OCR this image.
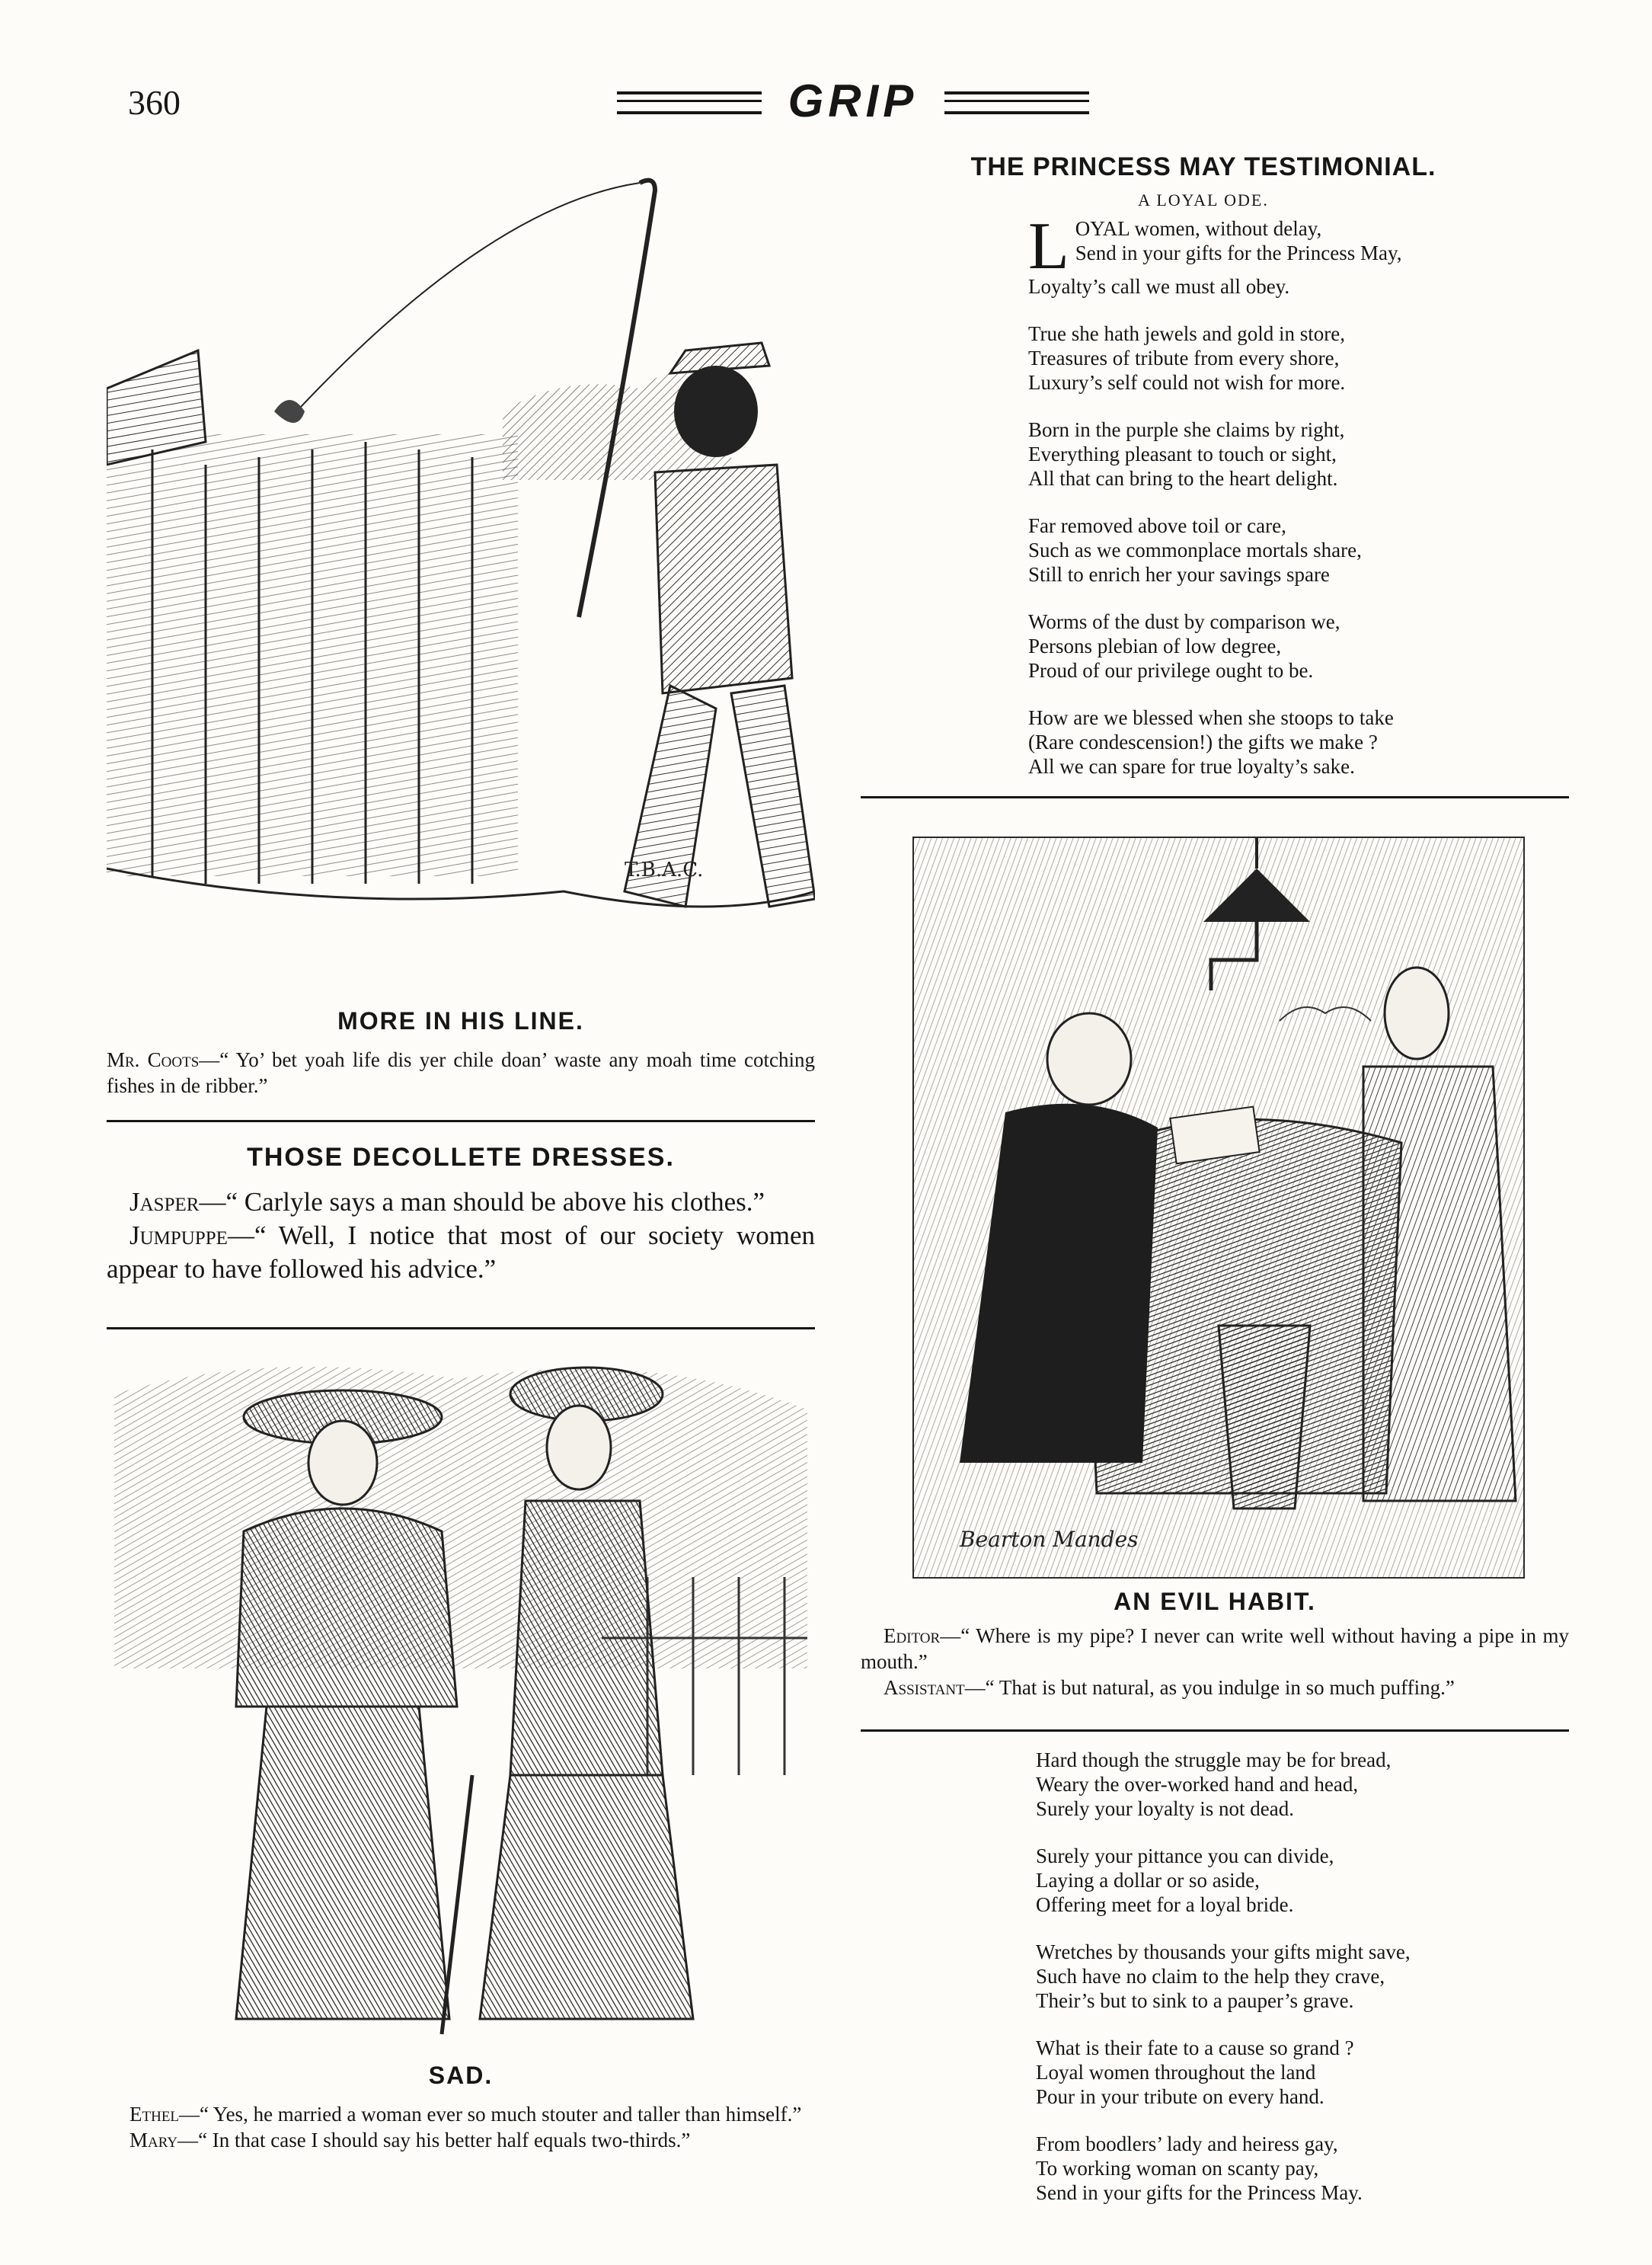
360	GRIP
T.B.A.C.
MORE IN HIS LINE.
Mr. Coots—“ Yo’ bet yoah life dis yer chile doan’ waste any moah time cotching fishes in de ribber.”
THOSE DECOLLETE DRESSES.
Jasper—“ Carlyle says a man should be above his clothes.”
Jumpuppe—“ Well, I notice that most of our society women appear to have followed his advice.”
SAD.
Ethel—“ Yes, he married a woman ever so much stouter and taller than himself.”
Mary—“ In that case I should say his better half equals two-thirds.”
THE PRINCESS MAY TESTIMONIAL.
A LOYAL ODE.
L OYAL women, without delay,
Send in your gifts for the Princess May,
Loyalty’s call we must all obey.
True she hath jewels and gold in store,
Treasures of tribute from every shore,
Luxury’s self could not wish for more.
Born in the purple she claims by right,
Everything pleasant to touch or sight,
All that can bring to the heart delight.
Far removed above toil or care,
Such as we commonplace mortals share,
Still to enrich her your savings spare
Worms of the dust by comparison we,
Persons plebian of low degree,
Proud of our privilege ought to be.
How are we blessed when she stoops to take
(Rare condescension!) the gifts we make ?
All we can spare for true loyalty’s sake.
Bearton Mandes
AN EVIL HABIT.
Editor—“ Where is my pipe? I never can write well without having a pipe in my mouth.”
Assistant—“ That is but natural, as you indulge in so much puffing.”
Hard though the struggle may be for bread,
Weary the over-worked hand and head,
Surely your loyalty is not dead.
Surely your pittance you can divide,
Laying a dollar or so aside,
Offering meet for a loyal bride.
Wretches by thousands your gifts might save,
Such have no claim to the help they crave,
Their’s but to sink to a pauper’s grave.
What is their fate to a cause so grand ?
Loyal women throughout the land
Pour in your tribute on every hand.
From boodlers’ lady and heiress gay,
To working woman on scanty pay,
Send in your gifts for the Princess May.
